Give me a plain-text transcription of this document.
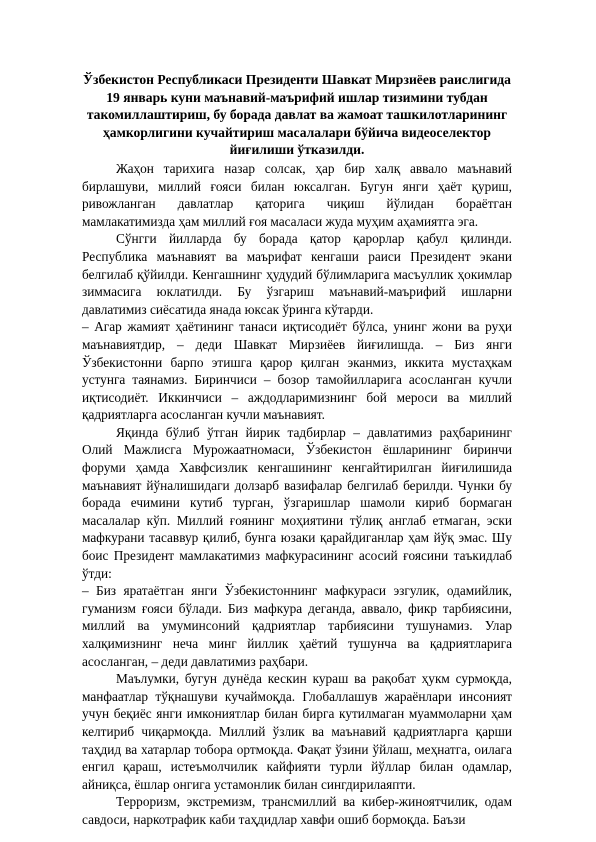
Ўзбекистон Республикаси Президенти Шавкат Мирзиёев раислигида
19 январь куни маънавий-маърифий ишлар тизимини тубдан
такомиллаштириш, бу борада давлат ва жамоат ташкилотларининг
ҳамкорлигини кучайтириш масалалари бўйича видеоселектор
йиғилиши ўтказилди.

Жаҳон тарихига назар солсак, ҳар бир халқ аввало маънавий бирлашуви, миллий ғояси билан юксалган. Бугун янги ҳаёт қуриш, ривожланган давлатлар қаторига чиқиш йўлидан бораётган мамлакатимизда ҳам миллий ғоя масаласи жуда муҳим аҳамиятга эга.

Сўнгги йилларда бу борада қатор қарорлар қабул қилинди. Республика маънавият ва маърифат кенгаши раиси Президент экани белгилаб қўйилди. Кенгашнинг ҳудудий бўлимларига масъуллик ҳокимлар зиммасига юклатилди. Бу ўзгариш маънавий-маърифий ишларни давлатимиз сиёсатида янада юксак ўринга кўтарди.

– Агар жамият ҳаётининг танаси иқтисодиёт бўлса, унинг жони ва руҳи маънавиятдир, – деди Шавкат Мирзиёев йиғилишда. – Биз янги Ўзбекистонни барпо этишга қарор қилган эканмиз, иккита мустаҳкам устунга таянамиз. Биринчиси – бозор тамойилларига асосланган кучли иқтисодиёт. Иккинчиси – аждодларимизнинг бой мероси ва миллий қадриятларга асосланган кучли маънавият.

Яқинда бўлиб ўтган йирик тадбирлар – давлатимиз раҳбарининг Олий Мажлисга Мурожаатномаси, Ўзбекистон ёшларининг биринчи форуми ҳамда Хавфсизлик кенгашининг кенгайтирилган йиғилишида маънавият йўналишидаги долзарб вазифалар белгилаб берилди. Чунки бу борада ечимини кутиб турган, ўзгаришлар шамоли кириб бормаган масалалар кўп. Миллий ғоянинг моҳиятини тўлиқ англаб етмаган, эски мафкурани тасаввур қилиб, бунга юзаки қарайдиганлар ҳам йўқ эмас. Шу боис Президент мамлакатимиз мафкурасининг асосий ғоясини таъкидлаб ўтди:

– Биз яратаётган янги Ўзбекистоннинг мафкураси эзгулик, одамийлик, гуманизм ғояси бўлади. Биз мафкура деганда, аввало, фикр тарбиясини, миллий ва умуминсоний қадриятлар тарбиясини тушунамиз. Улар халқимизнинг неча минг йиллик ҳаётий тушунча ва қадриятларига асосланган, – деди давлатимиз раҳбари.

Маълумки, бугун дунёда кескин кураш ва рақобат ҳукм сурмоқда, манфаатлар тўқнашуви кучаймоқда. Глобаллашув жараёнлари инсоният учун беқиёс янги имкониятлар билан бирга кутилмаган муаммоларни ҳам келтириб чиқармоқда. Миллий ўзлик ва маънавий қадриятларга қарши таҳдид ва хатарлар тобора ортмоқда. Фақат ўзини ўйлаш, меҳнатга, оилага енгил қараш, истеъмолчилик кайфияти турли йўллар билан одамлар, айниқса, ёшлар онгига устамонлик билан сингдирилаяпти.

Терроризм, экстремизм, трансмиллий ва кибер-жиноятчилик, одам савдоси, наркотрафик каби таҳдидлар хавфи ошиб бормоқда. Баъзи
